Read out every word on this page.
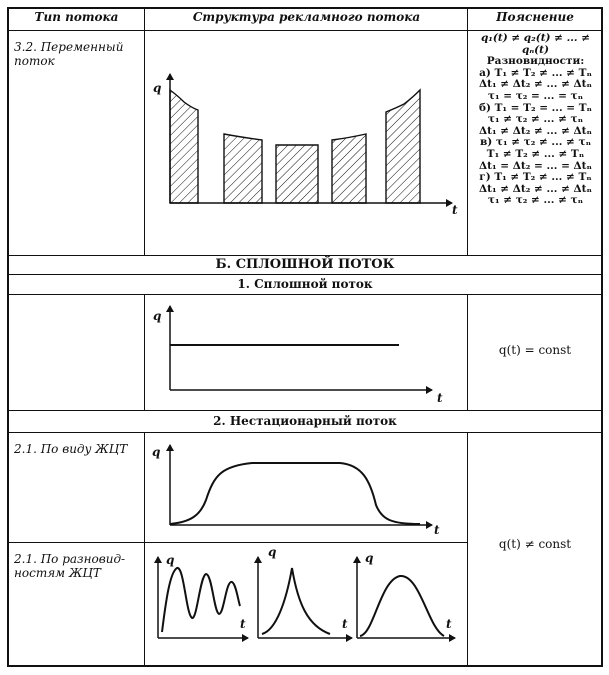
Тип потока	Структура рекламного потока	Пояснение
3.2. Переменный
поток
q
t
q
t
q
t
q
t
q
t
q
t
q₁(t) ≠ q₂(t) ≠ ... ≠ qₙ(t)
Разновидности:
а) T₁ ≠ T₂ ≠ ... ≠ Tₙ
Δt₁ ≠ Δt₂ ≠ ... ≠ Δtₙ
τ₁ = τ₂ = ... = τₙ
б) T₁ = T₂ = ... = Tₙ
τ₁ ≠ τ₂ ≠ ... ≠ τₙ
Δt₁ ≠ Δt₂ ≠ ... ≠ Δtₙ
в) τ₁ ≠ τ₂ ≠ ... ≠ τₙ
T₁ ≠ T₂ ≠ ... ≠ Tₙ
Δt₁ = Δt₂ = ... = Δtₙ
г) T₁ ≠ T₂ ≠ ... ≠ Tₙ
Δt₁ ≠ Δt₂ ≠ ... ≠ Δtₙ
τ₁ ≠ τ₂ ≠ ... ≠ τₙ
Б. СПЛОШНОЙ ПОТОК
1. Сплошной поток
q(t) = const
2. Нестационарный поток
2.1. По виду ЖЦТ
2.1. По разновид-
ностям ЖЦТ
q(t) ≠ const
